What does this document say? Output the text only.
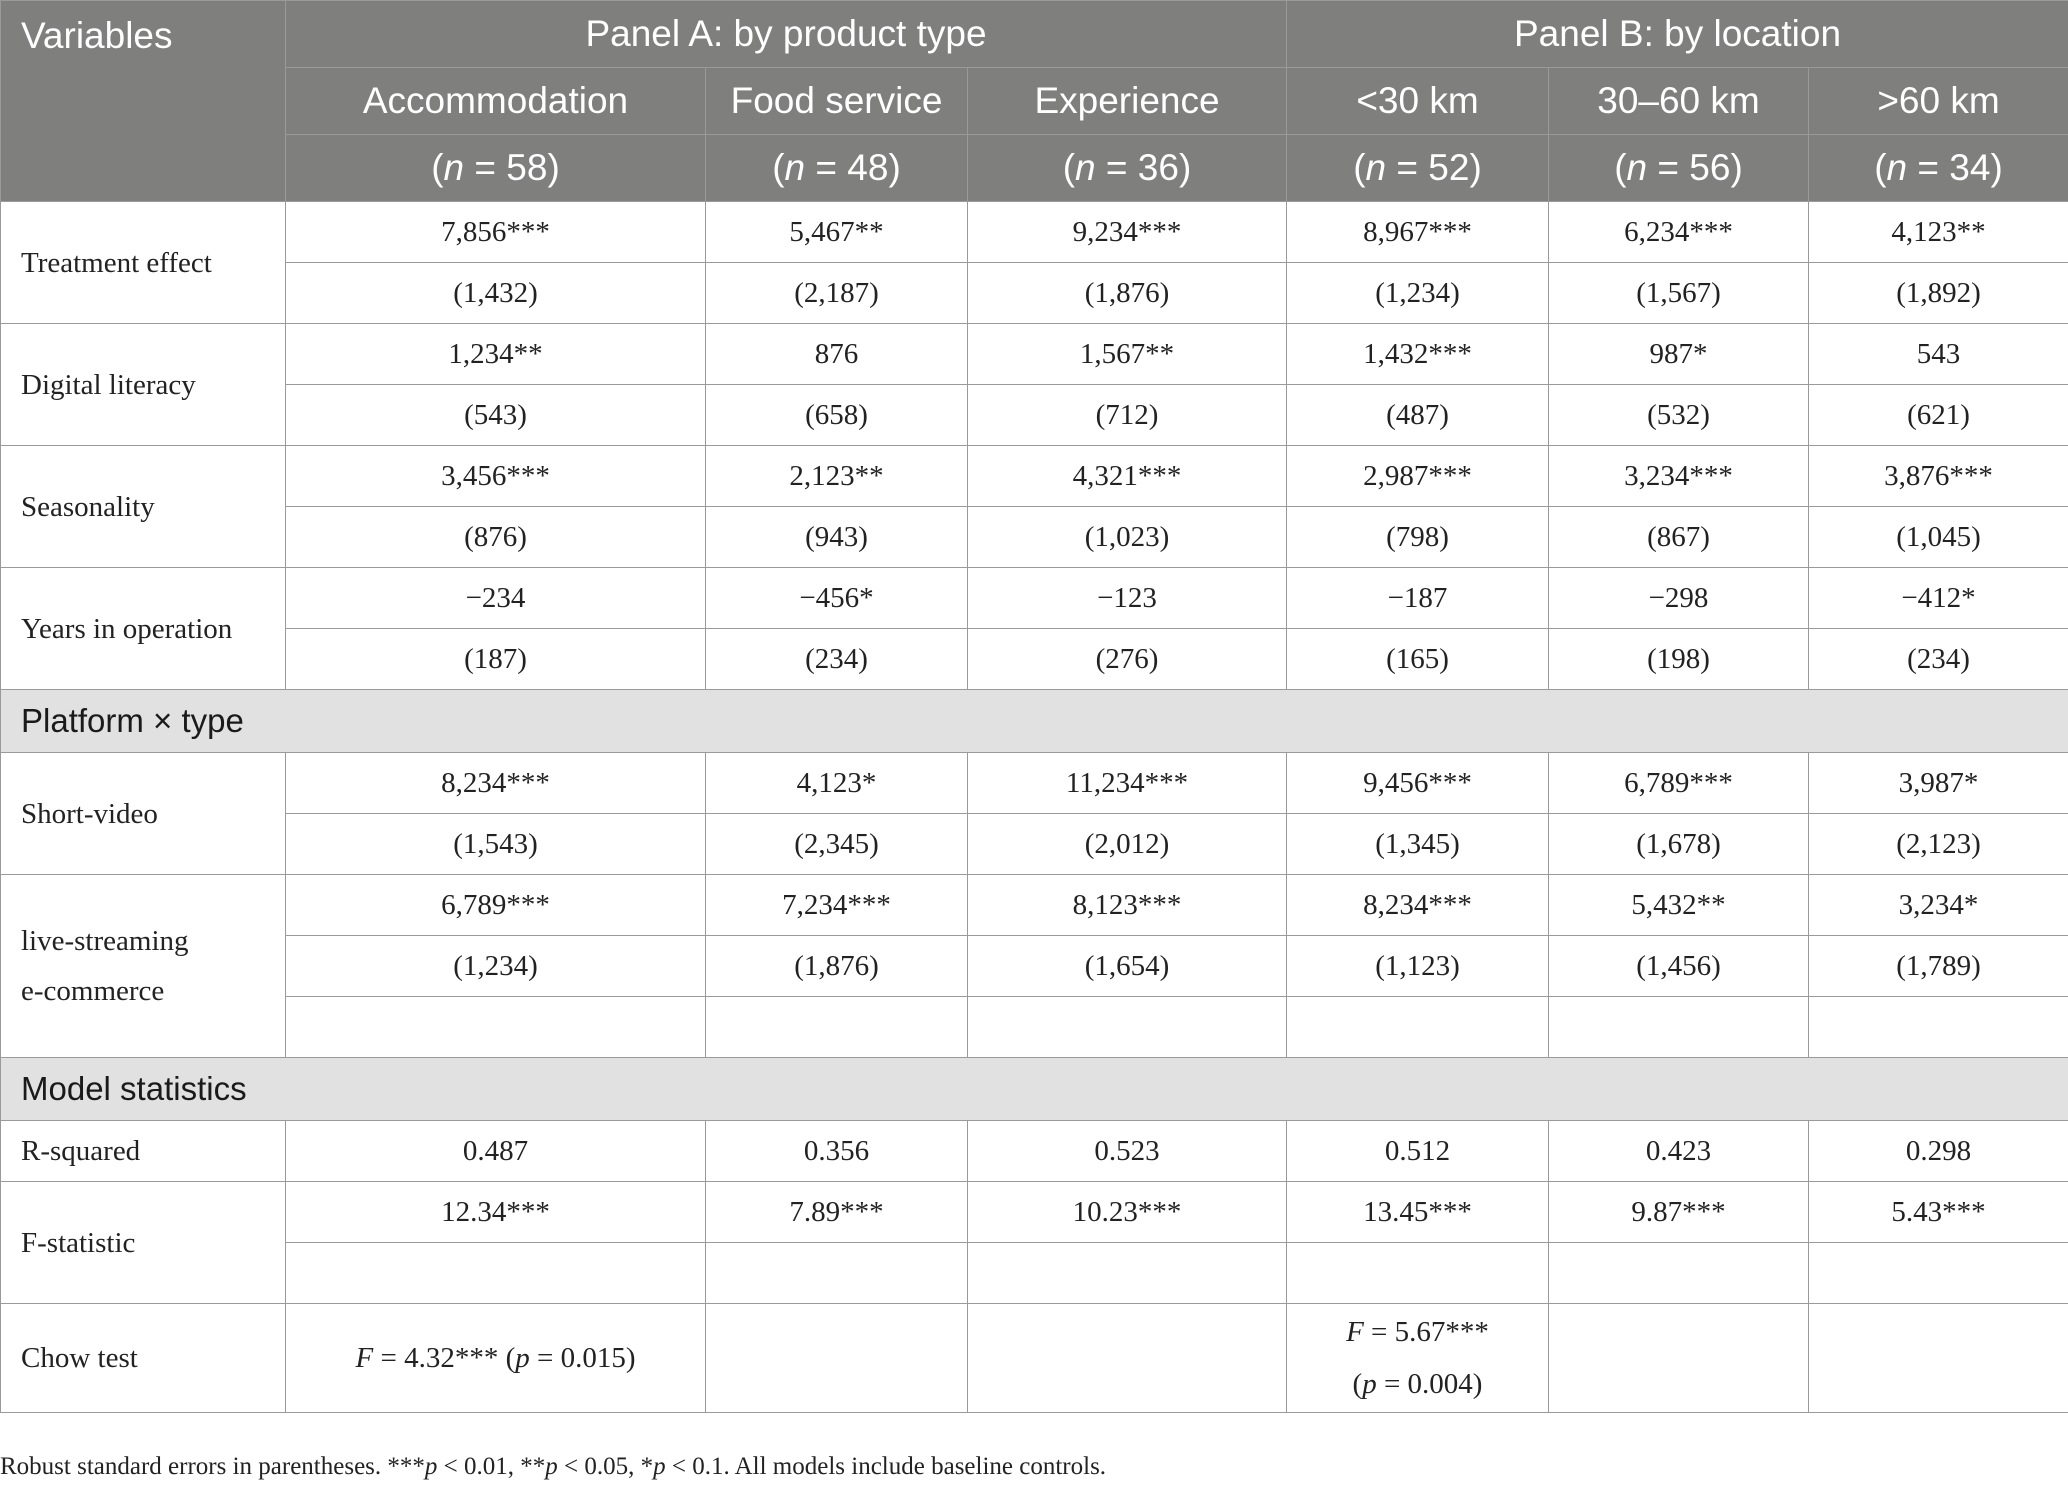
Variables	Panel A: by product type			Panel B: by location		
	Accommodation	Food service	Experience	<30 km	30–60 km	>60 km
	(n = 58)	(n = 48)	(n = 36)	(n = 52)	(n = 56)	(n = 34)
Treatment effect	7,856***	5,467**	9,234***	8,967***	6,234***	4,123**
	(1,432)	(2,187)	(1,876)	(1,234)	(1,567)	(1,892)
Digital literacy	1,234**	876	1,567**	1,432***	987*	543
	(543)	(658)	(712)	(487)	(532)	(621)
Seasonality	3,456***	2,123**	4,321***	2,987***	3,234***	3,876***
	(876)	(943)	(1,023)	(798)	(867)	(1,045)
Years in operation	−234	−456*	−123	−187	−298	−412*
	(187)	(234)	(276)	(165)	(198)	(234)
Platform × type						
Short-video	8,234***	4,123*	11,234***	9,456***	6,789***	3,987*
	(1,543)	(2,345)	(2,012)	(1,345)	(1,678)	(2,123)
live-streaming
e-commerce	6,789***	7,234***	8,123***	8,234***	5,432**	3,234*
	(1,234)	(1,876)	(1,654)	(1,123)	(1,456)	(1,789)

Model statistics						
R-squared	0.487	0.356	0.523	0.512	0.423	0.298
F-statistic	12.34***	7.89***	10.23***	13.45***	9.87***	5.43***

Chow test	F = 4.32*** (p = 0.015)			F = 5.67***
(p = 0.004)		
Robust standard errors in parentheses. ***p < 0.01, **p < 0.05, *p < 0.1. All models include baseline controls.
